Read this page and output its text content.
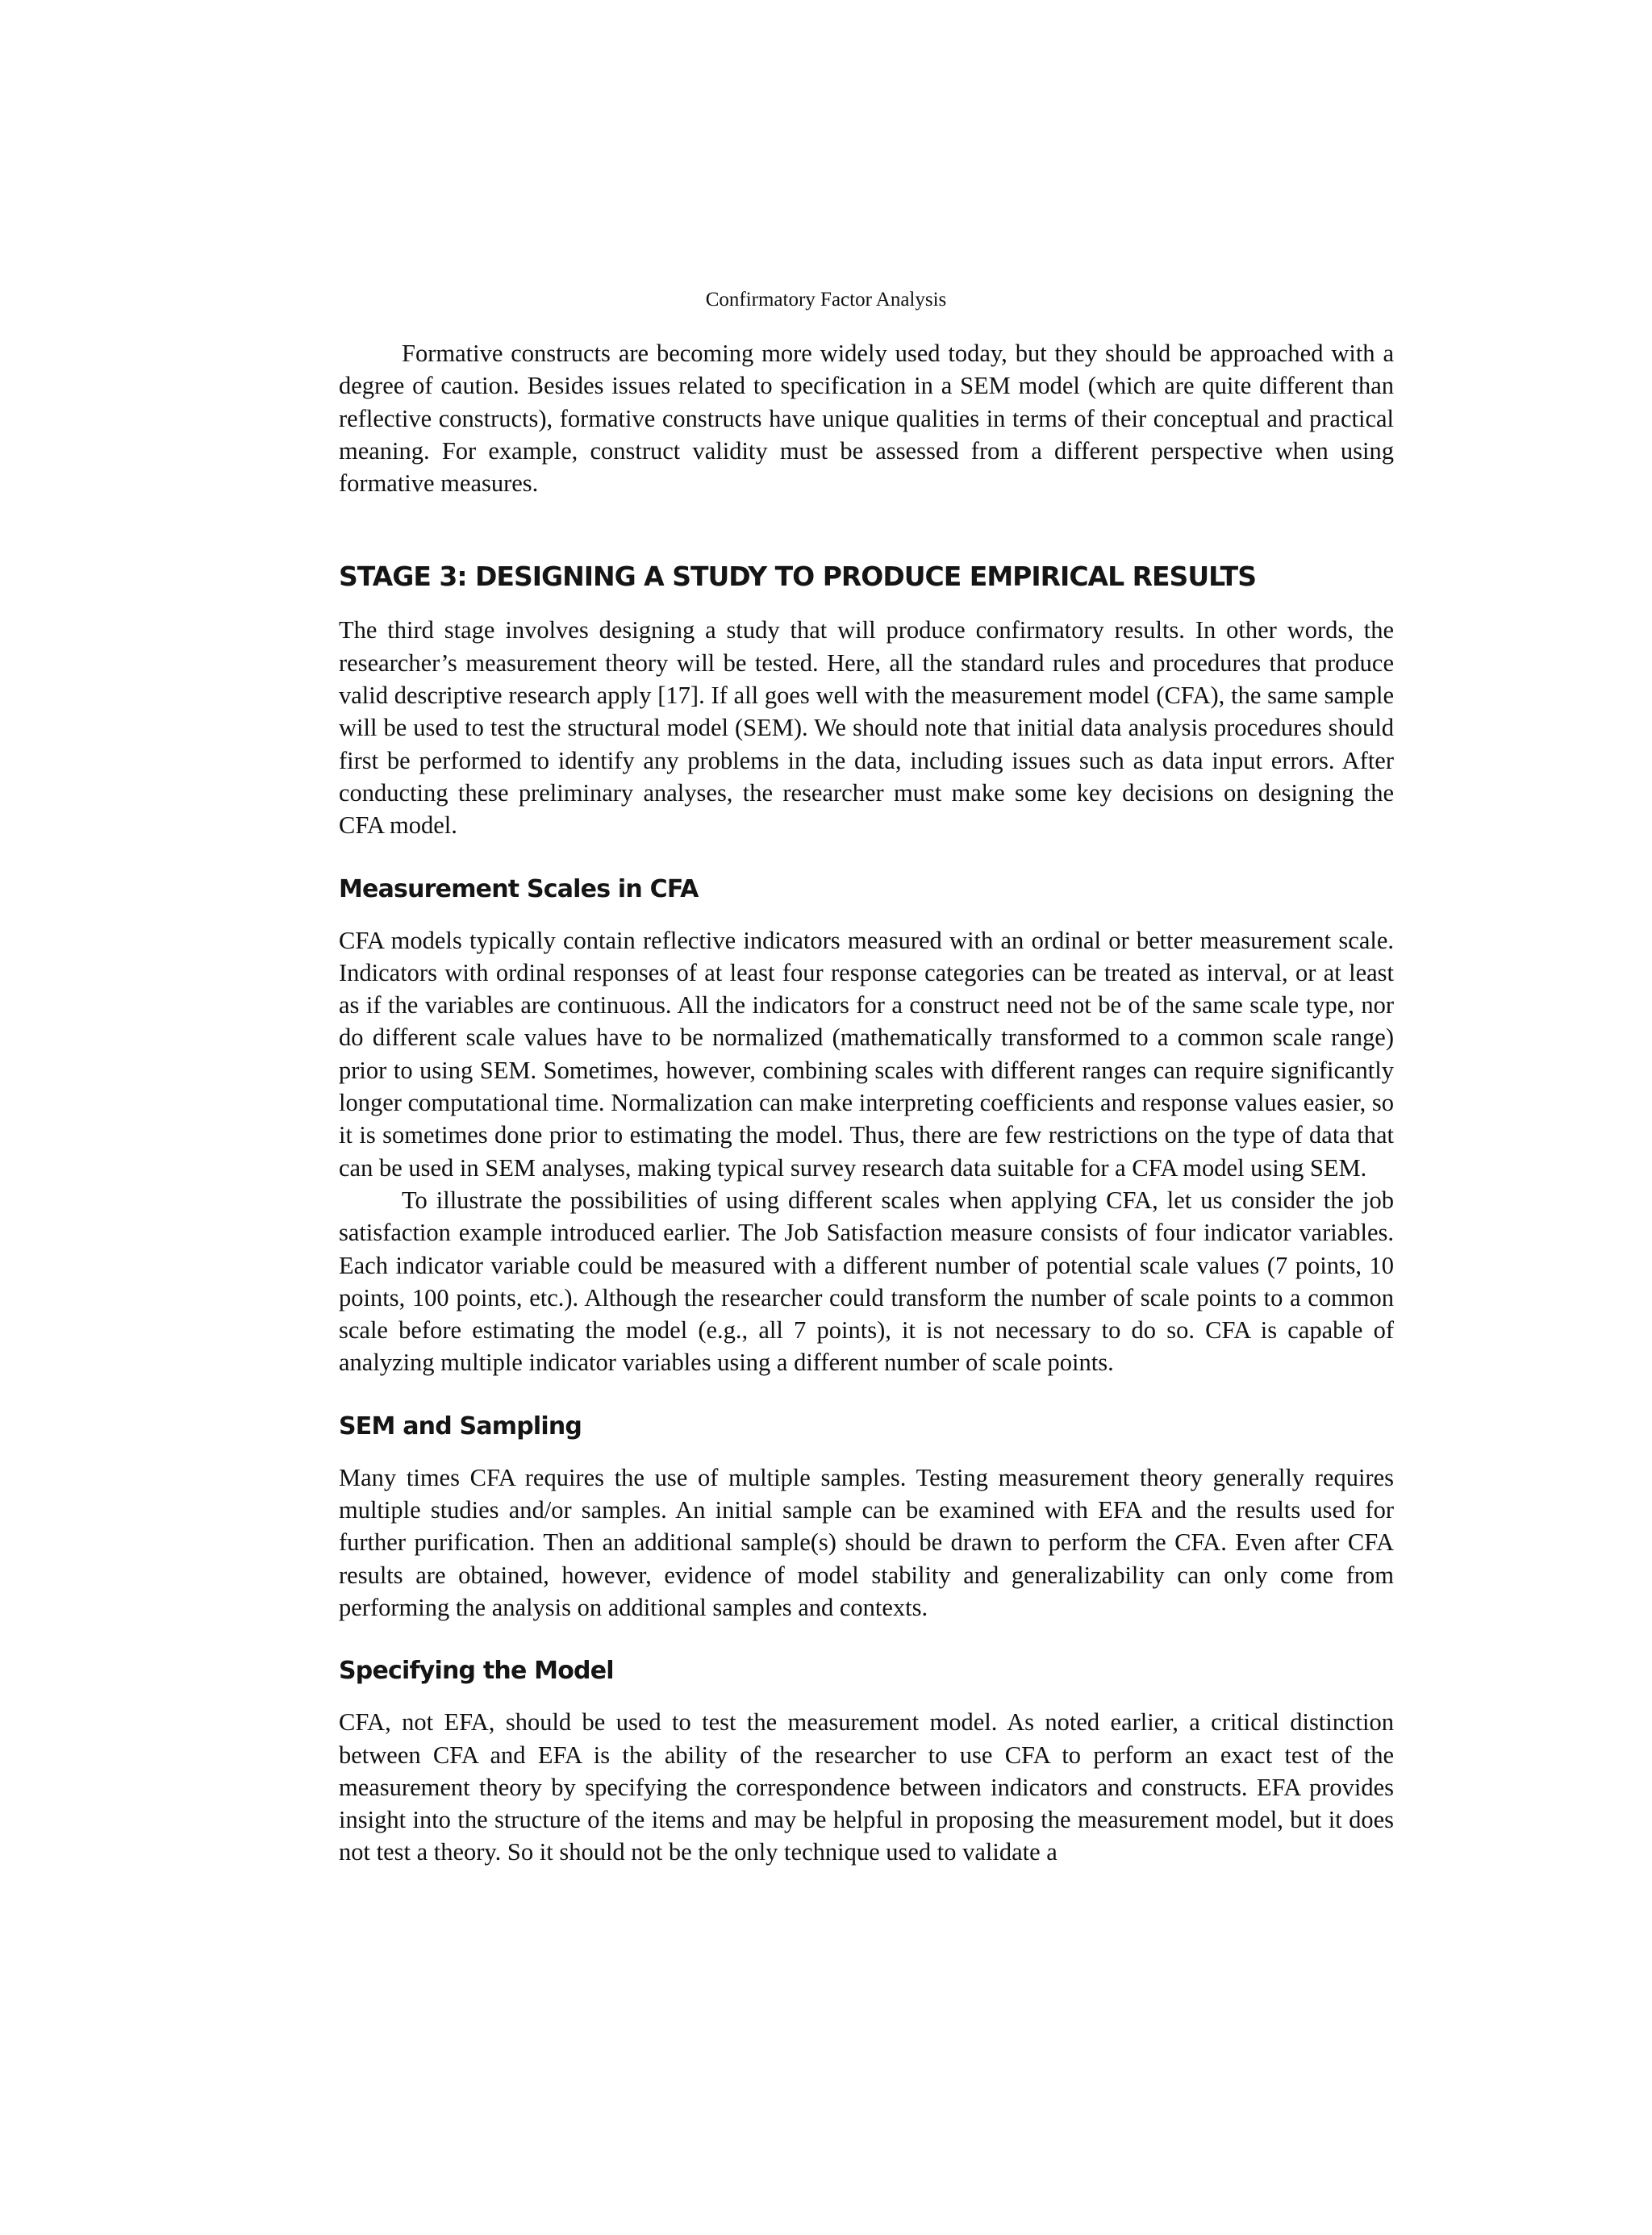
Confirmatory Factor Analysis

Formative constructs are becoming more widely used today, but they should be approached with a degree of caution. Besides issues related to specification in a SEM model (which are quite different than reflective constructs), formative constructs have unique qualities in terms of their conceptual and practical meaning. For example, construct validity must be assessed from a different perspective when using formative measures.

STAGE 3: DESIGNING A STUDY TO PRODUCE EMPIRICAL RESULTS

The third stage involves designing a study that will produce confirmatory results. In other words, the researcher’s measurement theory will be tested. Here, all the standard rules and procedures that produce valid descriptive research apply [17]. If all goes well with the measurement model (CFA), the same sample will be used to test the structural model (SEM). We should note that initial data analysis procedures should first be performed to identify any problems in the data, including issues such as data input errors. After conducting these preliminary analyses, the researcher must make some key decisions on designing the CFA model.

Measurement Scales in CFA

CFA models typically contain reflective indicators measured with an ordinal or better measurement scale. Indicators with ordinal responses of at least four response categories can be treated as interval, or at least as if the variables are continuous. All the indicators for a construct need not be of the same scale type, nor do different scale values have to be normalized (mathematically transformed to a common scale range) prior to using SEM. Sometimes, however, combining scales with different ranges can require significantly longer computational time. Normalization can make interpreting coefficients and response values easier, so it is sometimes done prior to estimating the model. Thus, there are few restrictions on the type of data that can be used in SEM analyses, making typical survey research data suitable for a CFA model using SEM.

To illustrate the possibilities of using different scales when applying CFA, let us consider the job satisfaction example introduced earlier. The Job Satisfaction measure consists of four indicator variables. Each indicator variable could be measured with a different number of potential scale values (7 points, 10 points, 100 points, etc.). Although the researcher could transform the number of scale points to a common scale before estimating the model (e.g., all 7 points), it is not necessary to do so. CFA is capable of analyzing multiple indicator variables using a different number of scale points.

SEM and Sampling

Many times CFA requires the use of multiple samples. Testing measurement theory generally requires multiple studies and/or samples. An initial sample can be examined with EFA and the results used for further purification. Then an additional sample(s) should be drawn to perform the CFA. Even after CFA results are obtained, however, evidence of model stability and generalizability can only come from performing the analysis on additional samples and contexts.

Specifying the Model

CFA, not EFA, should be used to test the measurement model. As noted earlier, a critical distinction between CFA and EFA is the ability of the researcher to use CFA to perform an exact test of the measurement theory by specifying the correspondence between indicators and constructs. EFA provides insight into the structure of the items and may be helpful in proposing the measurement model, but it does not test a theory. So it should not be the only technique used to validate a
